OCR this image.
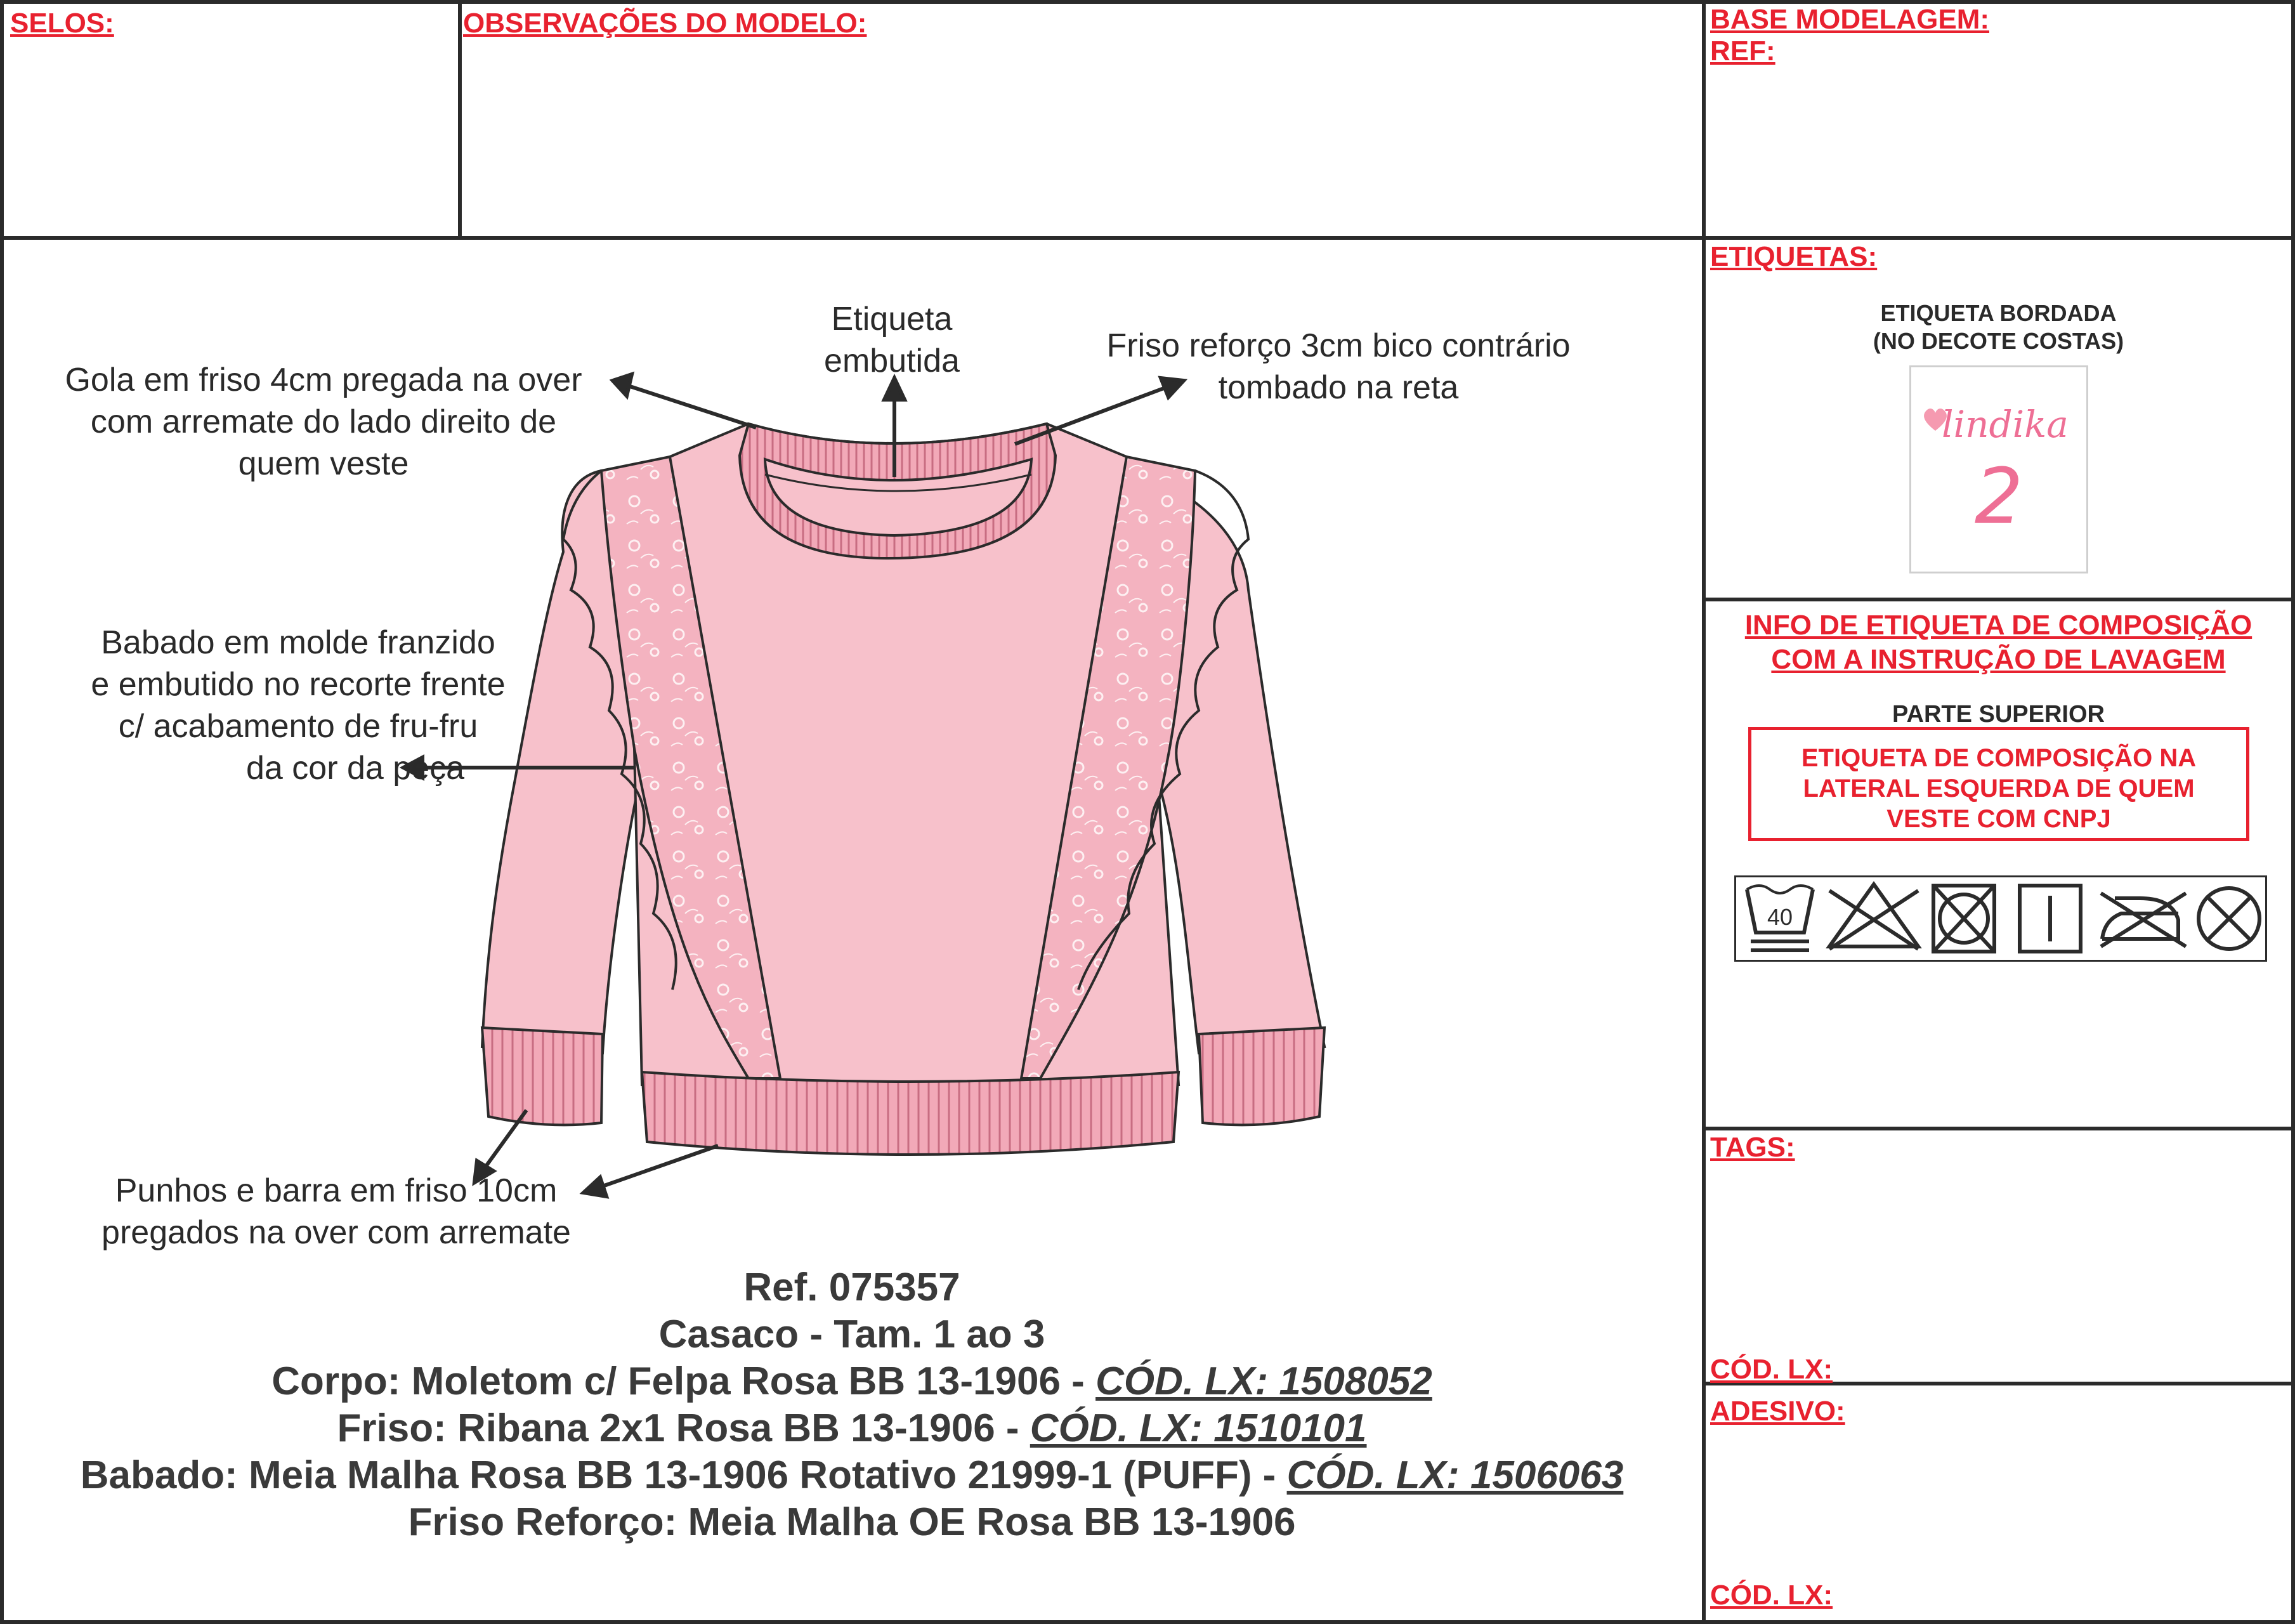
SELOS:	OBSERVAÇÕES DO MODELO:	BASE MODELAGEM:
REF:
ETIQUETAS:
TAGS:
CÓD. LX:
ADESIVO:
CÓD. LX:
ETIQUETA BORDADA
(NO DECOTE COSTAS)
lindika
2
INFO DE ETIQUETA DE COMPOSIÇÃO
COM A INSTRUÇÃO DE LAVAGEM
PARTE SUPERIOR
ETIQUETA DE COMPOSIÇÃO NA
LATERAL ESQUERDA DE QUEM
VESTE COM CNPJ
40
Etiqueta
embutida	Friso reforço 3cm bico contrário
tombado na reta
Gola em friso 4cm pregada na over
com arremate do lado direito de
quem veste
Babado em molde franzido
e embutido no recorte frente
c/ acabamento de fru-fru
da cor da peça
Punhos e barra em friso 10cm
pregados na over com arremate
Ref. 075357
Casaco - Tam. 1 ao 3
Corpo: Moletom c/ Felpa Rosa BB 13-1906 - CÓD. LX: 1508052
Friso: Ribana 2x1 Rosa BB 13-1906 - CÓD. LX: 1510101
Babado: Meia Malha Rosa BB 13-1906 Rotativo 21999-1 (PUFF) - CÓD. LX: 1506063
Friso Reforço: Meia Malha OE Rosa BB 13-1906
